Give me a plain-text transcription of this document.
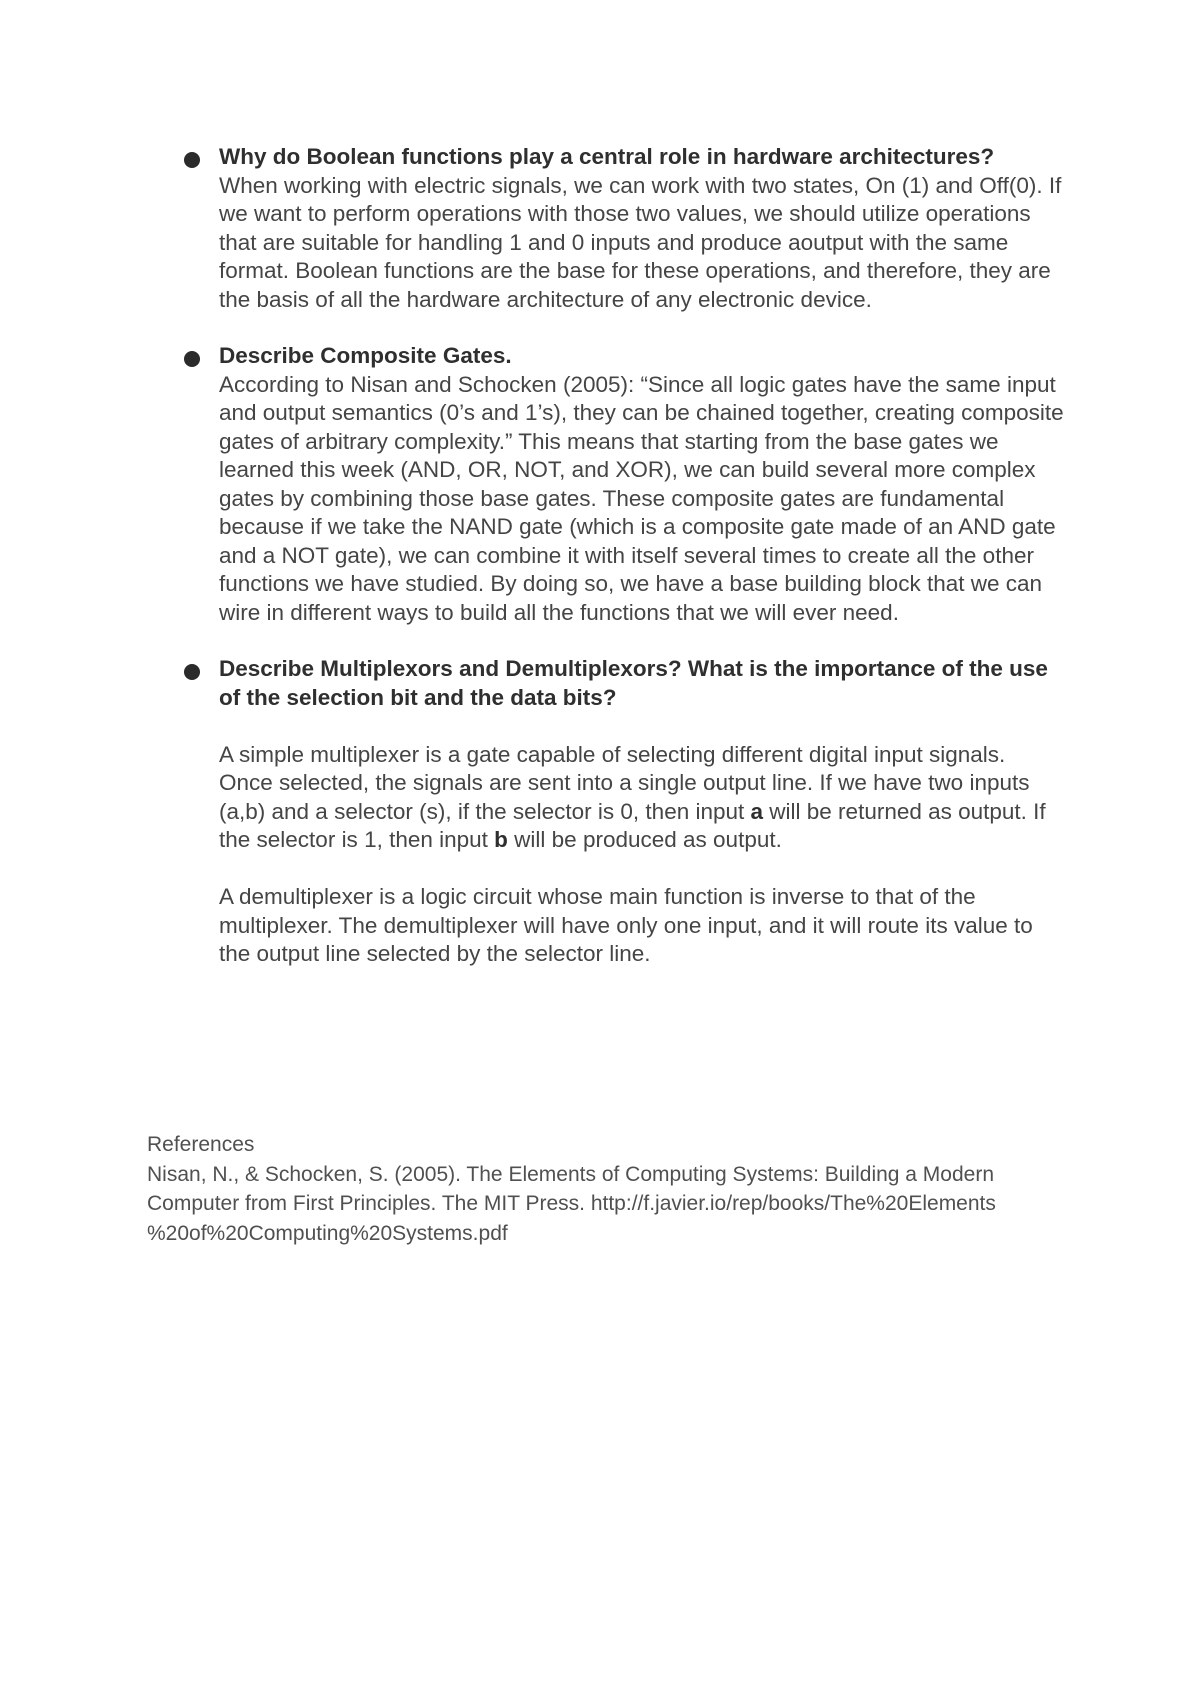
Why do Boolean functions play a central role in hardware architectures?

When working with electric signals, we can work with two states, On (1) and Off(0). If we want to perform operations with those two values, we should utilize operations that are suitable for handling 1 and 0 inputs and produce aoutput with the same format. Boolean functions are the base for these operations, and therefore, they are the basis of all the hardware architecture of any electronic device.

Describe Composite Gates.

According to Nisan and Schocken (2005): “Since all logic gates have the same input and output semantics (0’s and 1’s), they can be chained together, creating composite gates of arbitrary complexity.” This means that starting from the base gates we learned this week (AND, OR, NOT, and XOR), we can build several more complex gates by combining those base gates. These composite gates are fundamental because if we take the NAND gate (which is a composite gate made of an AND gate and a NOT gate), we can combine it with itself several times to create all the other functions we have studied. By doing so, we have a base building block that we can wire in different ways to build all the functions that we will ever need.

Describe Multiplexors and Demultiplexors? What is the importance of the use of the selection bit and the data bits?

A simple multiplexer is a gate capable of selecting different digital input signals. Once selected, the signals are sent into a single output line. If we have two inputs (a,b) and a selector (s), if the selector is 0, then input a will be returned as output. If the selector is 1, then input b will be produced as output.

A demultiplexer is a logic circuit whose main function is inverse to that of the multiplexer. The demultiplexer will have only one input, and it will route its value to the output line selected by the selector line.

References

Nisan, N., & Schocken, S. (2005). The Elements of Computing Systems: Building a Modern Computer from First Principles. The MIT Press. http://f.javier.io/rep/books/The%20Elements %20of%20Computing%20Systems.pdf
